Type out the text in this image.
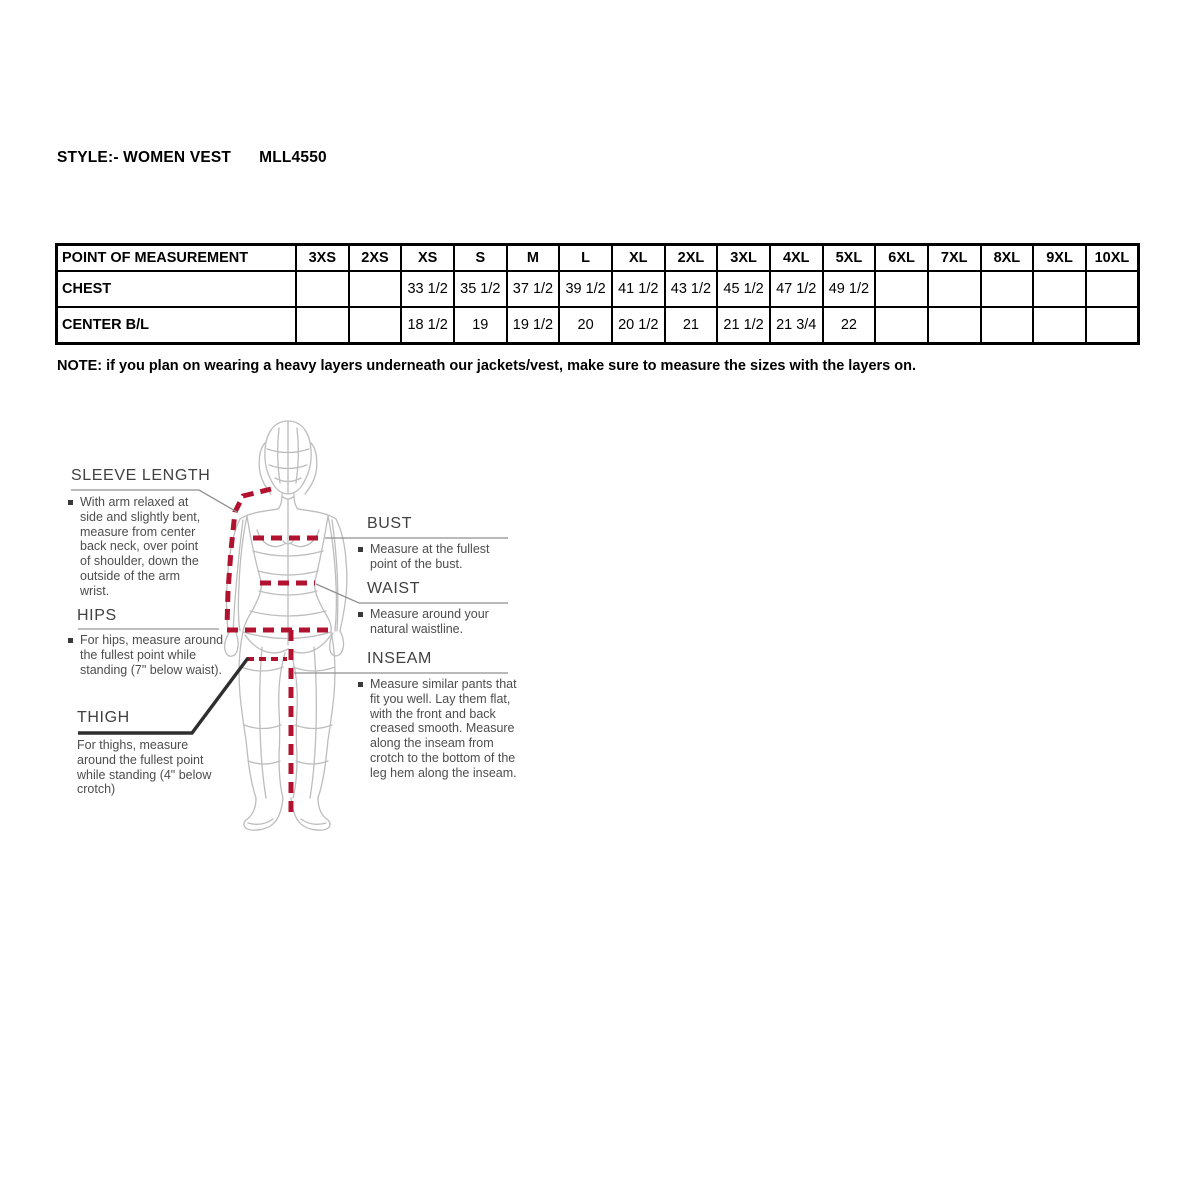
STYLE:- WOMEN VEST MLL4550
POINT OF MEASUREMENT	3XS	2XS	XS	S	M	L	XL	2XL	3XL	4XL	5XL	6XL	7XL	8XL	9XL	10XL
CHEST			33 1/2	35 1/2	37 1/2	39 1/2	41 1/2	43 1/2	45 1/2	47 1/2	49 1/2					
CENTER B/L			18 1/2	19	19 1/2	20	20 1/2	21	21 1/2	21 3/4	22					
NOTE: if you plan on wearing a heavy layers underneath our jackets/vest, make sure to measure the sizes with the layers on.
SLEEVE LENGTH
With arm relaxed at side and slightly bent, measure from center back neck, over point of shoulder, down the outside of the arm wrist.
HIPS
For hips, measure around the fullest point while standing (7" below waist).
THIGH
For thighs, measure around the fullest point while standing (4" below crotch)
BUST
Measure at the fullest point of the bust.
WAIST
Measure around your natural waistline.
INSEAM
Measure similar pants that fit you well. Lay them flat, with the front and back creased smooth. Measure along the inseam from crotch to the bottom of the leg hem along the inseam.
